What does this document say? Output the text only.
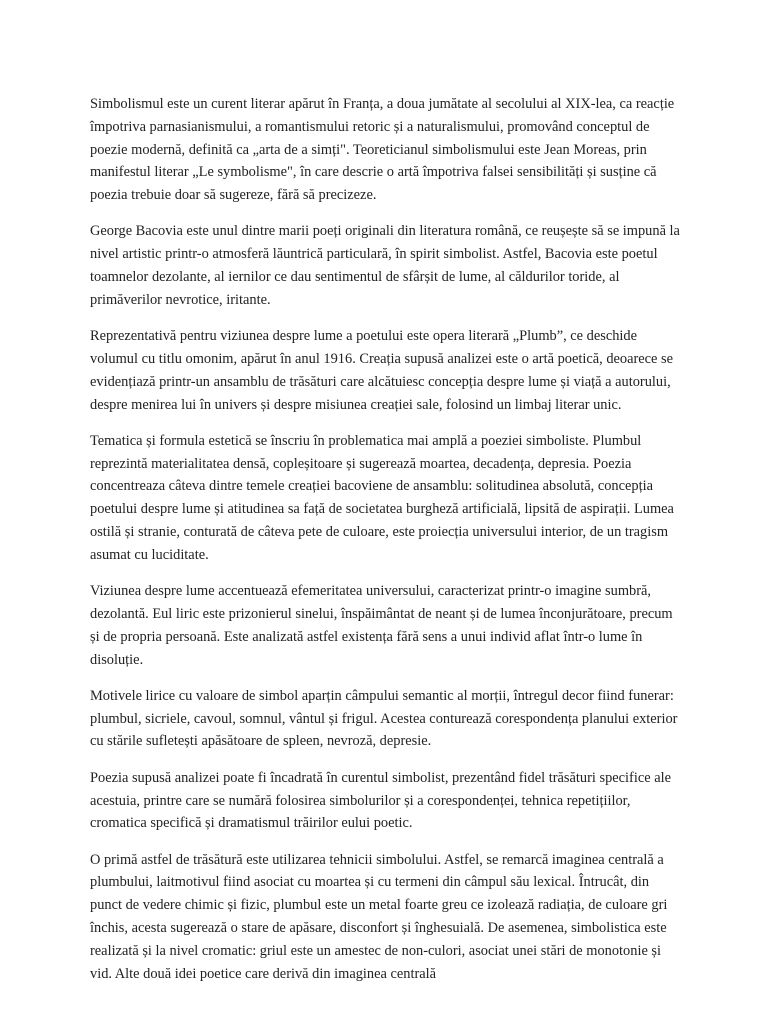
Simbolismul este un curent literar apărut în Franța, a doua jumătate al secolului al XIX-lea, ca reacție împotriva parnasianismului, a romantismului retoric și a naturalismului, promovând conceptul de poezie modernă, definită ca „arta de a simți". Teoreticianul simbolismului este Jean Moreas, prin manifestul literar „Le symbolisme", în care descrie o artă împotriva falsei sensibilități și susține că poezia trebuie doar să sugereze, fără să precizeze.

George Bacovia este unul dintre marii poeți originali din literatura română, ce reușește să se impună la nivel artistic printr-o atmosferă lăuntrică particulară, în spirit simbolist. Astfel, Bacovia este poetul toamnelor dezolante, al iernilor ce dau sentimentul de sfârșit de lume, al căldurilor toride, al primăverilor nevrotice, iritante.

Reprezentativă pentru viziunea despre lume a poetului este opera literară „Plumb”, ce deschide volumul cu titlu omonim, apărut în anul 1916. Creația supusă analizei este o artă poetică, deoarece se evidențiază printr-un ansamblu de trăsături care alcătuiesc concepția despre lume și viață a autorului, despre menirea lui în univers și despre misiunea creației sale, folosind un limbaj literar unic.

Tematica și formula estetică se înscriu în problematica mai amplă a poeziei simboliste. Plumbul reprezintă materialitatea densă, copleșitoare și sugerează moartea, decadența, depresia. Poezia concentreaza câteva dintre temele creației bacoviene de ansamblu: solitudinea absolută, concepția poetului despre lume și atitudinea sa față de societatea burgheză artificială, lipsită de aspirații. Lumea ostilă și stranie, conturată de câteva pete de culoare, este proiecția universului interior, de un tragism asumat cu luciditate.

Viziunea despre lume accentuează efemeritatea universului, caracterizat printr-o imagine sumbră, dezolantă. Eul liric este prizonierul sinelui, înspăimântat de neant și de lumea înconjurătoare, precum și de propria persoană. Este analizată astfel existența fără sens a unui individ aflat într-o lume în disoluție.

Motivele lirice cu valoare de simbol aparțin câmpului semantic al morții, întregul decor fiind funerar: plumbul, sicriele, cavoul, somnul, vântul și frigul. Acestea conturează corespondența planului exterior cu stările sufletești apăsătoare de spleen, nevroză, depresie.

Poezia supusă analizei poate fi încadrată în curentul simbolist, prezentând fidel trăsături specifice ale acestuia, printre care se numără folosirea simbolurilor și a corespondenței, tehnica repetițiilor, cromatica specifică și dramatismul trăirilor eului poetic.

O primă astfel de trăsătură este utilizarea tehnicii simbolului. Astfel, se remarcă imaginea centrală a plumbului, laitmotivul fiind asociat cu moartea și cu termeni din câmpul său lexical. Întrucât, din punct de vedere chimic și fizic, plumbul este un metal foarte greu ce izolează radiația, de culoare gri închis, acesta sugerează o stare de apăsare, disconfort și înghesuială. De asemenea, simbolistica este realizată și la nivel cromatic: griul este un amestec de non-culori, asociat unei stări de monotonie și vid. Alte două idei poetice care derivă din imaginea centrală
